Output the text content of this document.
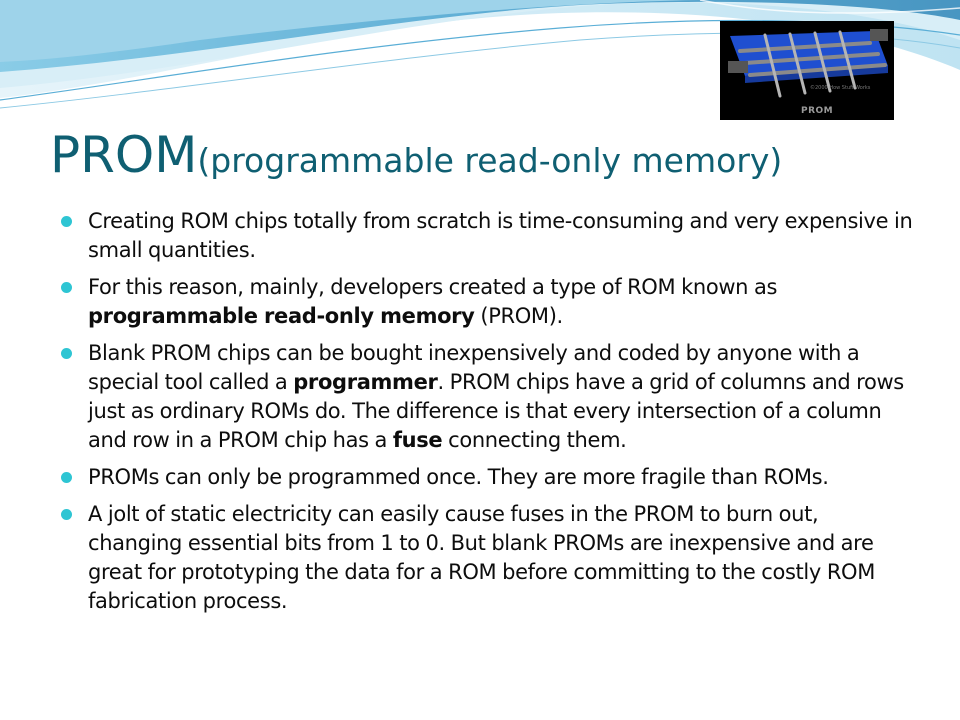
©2000 How Stuff Works
PROM
PROM(programmable read-only memory)
Creating ROM chips totally from scratch is time-consuming and very expensive in small quantities.
For this reason, mainly, developers created a type of ROM known as programmable read-only memory (PROM).
Blank PROM chips can be bought inexpensively and coded by anyone with a special tool called a programmer. PROM chips have a grid of columns and rows just as ordinary ROMs do. The difference is that every intersection of a column and row in a PROM chip has a fuse connecting them.
PROMs can only be programmed once. They are more fragile than ROMs.
A jolt of static electricity can easily cause fuses in the PROM to burn out, changing essential bits from 1 to 0. But blank PROMs are inexpensive and are great for prototyping the data for a ROM before committing to the costly ROM fabrication process.
